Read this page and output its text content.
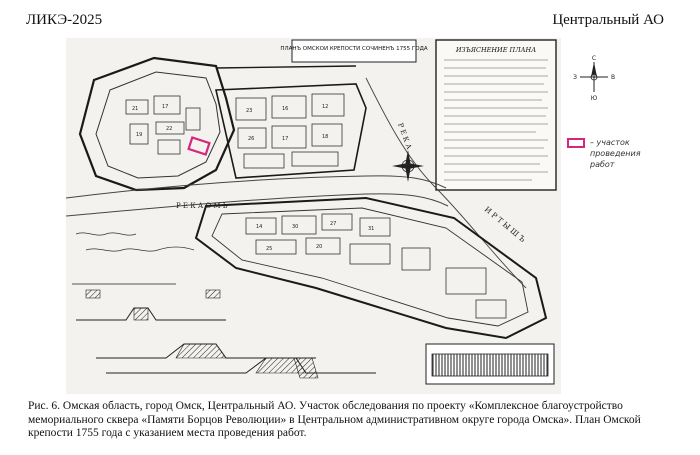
ЛИКЭ-2025	Центральный АО
ПЛАНЪ ОМСКОИ КРЕПОСТИ СОЧИНЕНЪ 1755 ГОДА	ИЗЪЯСНЕНИЕ ПЛАНА
Р Е К А О М Ь
Р Е К А
И Р Т Ы Ш Ъ
21	17
19
22
23	16	12
26	17	18
14	30	27
31
25	20
– участок проведения работ
С
Ю
З	В
Рис. 6. Омская область, город Омск, Центральный АО. Участок обследования по проекту «Комплексное благоустройство мемориального сквера «Памяти Борцов Революции» в Центральном административном округе города Омска». План Омской крепости 1755 года с указанием места проведения работ.
